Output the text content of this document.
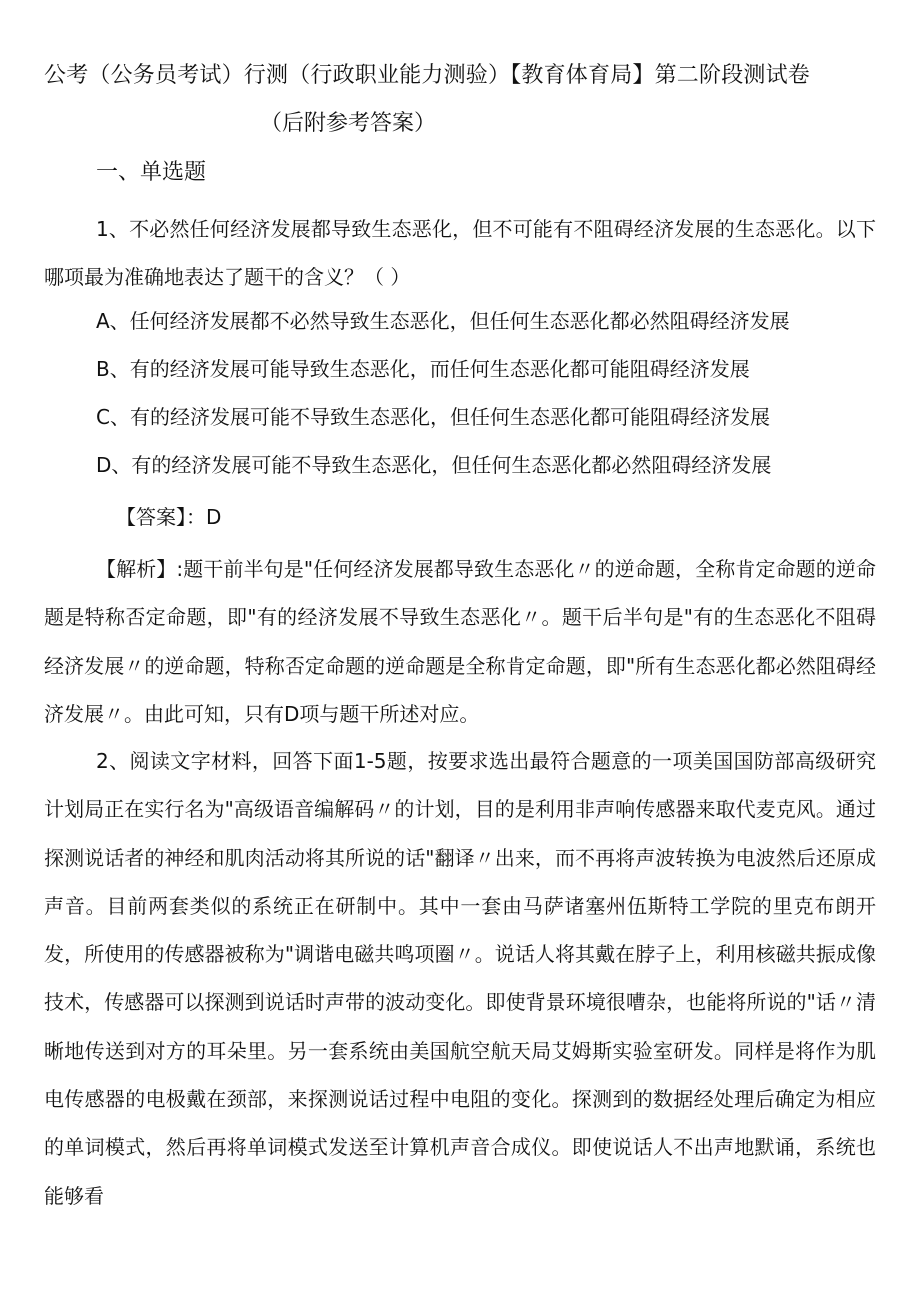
公考（公务员考试）行测（行政职业能力测验）【教育体育局】第二阶段测试卷
（后附参考答案）
一、单选题
1、不必然任何经济发展都导致生态恶化，但不可能有不阻碍经济发展的生态恶化。以下哪项最为准确地表达了题干的含义？（ ）
A、任何经济发展都不必然导致生态恶化，但任何生态恶化都必然阻碍经济发展
B、有的经济发展可能导致生态恶化，而任何生态恶化都可能阻碍经济发展
C、有的经济发展可能不导致生态恶化，但任何生态恶化都可能阻碍经济发展
D、有的经济发展可能不导致生态恶化，但任何生态恶化都必然阻碍经济发展
【答案】：D
【解析】:题干前半句是"任何经济发展都导致生态恶化〃的逆命题，全称肯定命题的逆命题是特称否定命题，即"有的经济发展不导致生态恶化〃。题干后半句是"有的生态恶化不阻碍经济发展〃的逆命题，特称否定命题的逆命题是全称肯定命题，即"所有生态恶化都必然阻碍经济发展〃。由此可知，只有D项与题干所述对应。
2、阅读文字材料，回答下面1-5题，按要求选出最符合题意的一项美国国防部高级研究计划局正在实行名为"高级语音编解码〃的计划，目的是利用非声响传感器来取代麦克风。通过探测说话者的神经和肌肉活动将其所说的话"翻译〃出来，而不再将声波转换为电波然后还原成声音。目前两套类似的系统正在研制中。其中一套由马萨诸塞州伍斯特工学院的里克布朗开发，所使用的传感器被称为"调谐电磁共鸣项圈〃。说话人将其戴在脖子上，利用核磁共振成像技术，传感器可以探测到说话时声带的波动变化。即使背景环境很嘈杂，也能将所说的"话〃清晰地传送到对方的耳朵里。另一套系统由美国航空航天局艾姆斯实验室研发。同样是将作为肌电传感器的电极戴在颈部，来探测说话过程中电阻的变化。探测到的数据经处理后确定为相应的单词模式，然后再将单词模式发送至计算机声音合成仪。即使说话人不出声地默诵，系统也能够看
